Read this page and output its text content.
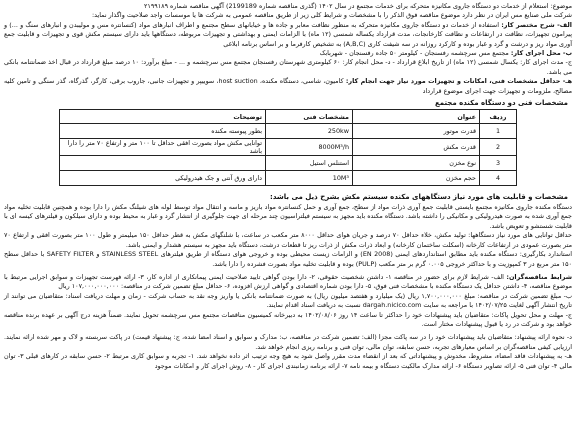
موضوع: استعلام از خدمات دو دستگاه جاروی مکانیزه متحرکه برای خدمات مجتمع در سال ۱۴۰۲ (گذری مناقصه شماره 2199189) آگهی مناقصه شماره ۲۱۹۹۱۸۹

شرکت ملی صنایع مس ایران در نظر دارد موضوع مناقصه فوق الذکر را با مشخصات و شرایط کلی زیر از طریق مناقصه عمومی به شرکت ها یا موسسات واجد صلاحیت واگذار نماید:

الف- شرح مختصر کار: استفاده از خدمات دو دستگاه جاروی مکانیزه متحرکه به منظور نظافت معابر و جاده ها و خیابانهای سطح مجتمع و اطراف انبارهای مواد (کنسانتره مس و مولیبدن و انبارهای سنگ و ...) و پیرامون تجهیزات، نظافت در ارتفاعات و نظافت کارخانجات، مدت قرارداد یکساله شمسی (۱۲ ماه) با الزامات ایمنی و بهداشتی و تجهیزات مربوطه، دستگاهها باید دارای سیستم مکش قوی و تجهیزات و قابلیت جمع آوری مواد ریز و درشت و گرد و غبار بوده و کارکرد روزانه در سه شیفت کاری (A,B,C) به تشخیص کارفرما و بر اساس برنامه ابلاغی

ب- محل اجرای کار: مجتمع مس سرچشمه رفسنجان - کیلومتر ۵۰ جاده رفسنجان - شهربابک

ج- مدت اجرای کار: یکسال شمسی (۱۲ ماه) از تاریخ ابلاغ قرارداد - د- محل انجام کار: ۶۰ کیلومتری شهرستان رفسنجان مجتمع مس سرچشمه و ... - مبلغ برآورد: ۱۰ درصد مبلغ قرارداد در قبال اخذ ضمانتنامه بانکی می باشد.

هـ- حداقل مشخصات فنی، امکانات و تجهیزات مورد نیاز جهت انجام کار: کامیون، شاسی، دستگاه مکنده، host suction، سوییپر و تجهیزات جانبی، جاروب برقی، کارگر، گذرگاه، گذر سنگی و تامین کلیه مصالح، ملزومات و تجهیزات جهت اجرای موضوع قرارداد

مشخصات فنی دو دستگاه مکنده مجتمع
ردیف	عنوان	مشخصات فنی	توضیحات
1	قدرت موتور	250kw	بطور پیوسته مکنده
2	قدرت مکش	8000M³/h	توانایی مکش مواد بصورت افقی حداقل تا ۱۰۰ متر و ارتفاع ۷۰ متر را دارا باشد
3	نوع مخزن	استنلس استیل	
4	حجم مخزن	10M³	دارای ورق آنتی و جک هیدرولیکی
مشخصات و قابلیت های مورد نیاز دستگاههای مکنده سیستم مکش بشرح ذیل می باشد:

دستگاه مکنده جاروی مکانیزه مجتمع بایستی قابلیت جمع آوری ذرات مواد از سطح، جمع آوری و حمل کنسانتره مواد باریز و ماسه و انتقال مواد توسط لوله های شیلنگ مکش را دارا بوده و همچنین قابلیت تخلیه مواد جمع آوری شده به صورت هیدرولیکی و مکانیکی را داشته باشد. دستگاه مکنده باید مجهز به سیستم فیلتراسیون چند مرحله ای جهت جلوگیری از انتشار گرد و غبار به محیط بوده و دارای سیلکون و فیلترهای کیسه ای با قابلیت شستشو و تعویض باشد.

حداقل توانایی های مورد نیاز دستگاهها: تولید مکش، خلاء حداقل ۷۰ درصد و جریان هوای حداقل ۸۰۰۰ متر مکعب در ساعت، با شلنگهای مکش به قطر حداقل ۱۵۰ میلیمتر و طول ۱۰۰ متر بصورت افقی و ارتفاع ۷۰ متر بصورت عمودی در ارتفاعات کارخانه (اسکلت ساختمان کارخانه) و ابعاد ذرات مکش از ذرات ریز تا قطعات درشت، دستگاه باید مجهز به سیستم هشدار و ایمنی باشد.

استاندارد بکارگیری: دستگاه مکنده باید مطابق استانداردهای ایمنی (EN 2008) و الزامات زیست محیطی بوده و خروجی هوای دستگاه از طریق فیلترهای STAINLESS STEEL و SAFETY FILTER با حداقل سطح ۱۵۰ متر مربع در ۳ کمپوزیت و با حداکثر خروجی ۰.۰۰۵ گرم بر متر مکعب (PULP) بوده و قابلیت تخلیه مواد بصورت فشرده را دارا باشد.

شرایط مناقصه‌گران: الف- شرایط لازم برای حضور در مناقصه ۱- داشتن شخصیت حقوقی، ۲- دارا بودن گواهی تایید صلاحیت ایمنی پیمانکاری از اداره کار، ۳- ارائه فهرست تجهیزات و سوابق اجرایی مرتبط با موضوع مناقصه، ۴- داشتن حداقل یک دستگاه مکنده با مشخصات فنی فوق، ۵- دارا بودن شماره اقتصادی و گواهی ارزش افزوده، ۶- حداقل مبلغ تضمین شرکت در مناقصه: ۱۰۷,۰۰۰,۰۰۰,۰۰۰ ریال

ب- مبلغ تضمین شرکت در مناقصه: مبلغ ۱,۷۰۰,۰۰۰,۰۰۰ ریال (یک میلیارد و هفتصد میلیون ریال) به صورت ضمانتنامه بانکی یا واریز وجه نقد به حساب شرکت - زمان و مهلت دریافت اسناد: متقاضیان می توانند از تاریخ انتشار آگهی لغایت ۱۴۰۲/۰۷/۲۵ با مراجعه به سایت dargah.nicico.com نسبت به دریافت اسناد اقدام نمایند.

ج- مهلت و محل تحویل پاکات: متقاضیان باید پیشنهادات خود را حداکثر تا ساعت ۱۴ روز ۱۴۰۲/۰۸/۰۶ به دبیرخانه کمیسیون مناقصات مجتمع مس سرچشمه تحویل نمایند. ضمناً هزینه درج آگهی بر عهده برنده مناقصه خواهد بود و شرکت در رد یا قبول پیشنهادات مختار است.

د- نحوه ارائه پیشنهاد: متقاضیان باید پیشنهادات خود را در سه پاکت مجزا (الف: تضمین شرکت در مناقصه، ب: مدارک و سوابق و اسناد امضا شده، ج: پیشنهاد قیمت) در پاکت سربسته و لاک و مهر شده ارائه نمایند. ارزیابی کیفی مناقصه‌گران بر اساس معیارهای تجربه، حسن سابقه، توان مالی، توان فنی و برنامه ریزی انجام خواهد شد.

هـ- به پیشنهادات فاقد امضاء، مشروط، مخدوش و پیشنهاداتی که بعد از انقضاء مدت مقرر واصل شود به هیچ وجه ترتیب اثر داده نخواهد شد. ۱- تجربه و سوابق کاری مرتبط ۲- حسن سابقه در کارهای قبلی ۳- توان مالی ۴- توان فنی ۵- ارائه تصاویر دستگاه ۶- ارائه مدارک مالکیت دستگاه و بیمه نامه ۷- ارائه برنامه زمانبندی اجرای کار - ۸- روش اجرای کار و امکانات موجود
